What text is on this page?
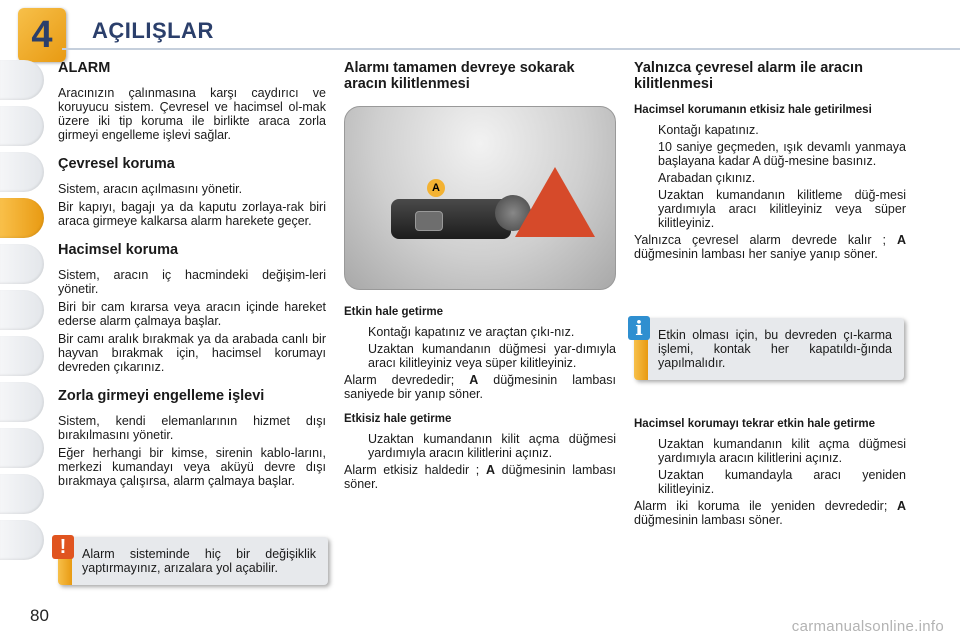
4	AÇILIŞLAR
ALARM
Aracınızın çalınmasına karşı caydırıcı ve koruyucu sistem. Çevresel ve hacimsel ol-mak üzere iki tip koruma ile birlikte araca zorla girmeyi engelleme işlevi sağlar.
Çevresel koruma
Sistem, aracın açılmasını yönetir.
Bir kapıyı, bagajı ya da kaputu zorlaya-rak biri araca girmeye kalkarsa alarm harekete geçer.
Hacimsel koruma
Sistem, aracın iç hacmindeki değişim-leri yönetir.
Biri bir cam kırarsa veya aracın içinde hareket ederse alarm çalmaya başlar.
Bir camı aralık bırakmak ya da arabada canlı bir hayvan bırakmak için, hacimsel korumayı devreden çıkarınız.
Zorla girmeyi engelleme işlevi
Sistem, kendi elemanlarının hizmet dışı bırakılmasını yönetir.
Eğer herhangi bir kimse, sirenin kablo-larını, merkezi kumandayı veya aküyü devre dışı bırakmaya çalışırsa, alarm çalmaya başlar.
!	Alarm sisteminde hiç bir değişiklik yaptırmayınız, arızalara yol açabilir.
Alarmı tamamen devreye sokarak aracın kilitlenmesi
A
Etkin hale getirme
Kontağı kapatınız ve araçtan çıkı-nız.
Uzaktan kumandanın düğmesi yar-dımıyla aracı kilitleyiniz veya süper kilitleyiniz.
Alarm devrededir; A düğmesinin lambası saniyede bir yanıp söner.
Etkisiz hale getirme
Uzaktan kumandanın kilit açma düğmesi yardımıyla aracın kilitlerini açınız.
Alarm etkisiz haldedir ; A düğmesinin lambası söner.
Yalnızca çevresel alarm ile aracın kilitlenmesi
Hacimsel korumanın etkisiz hale getirilmesi
Kontağı kapatınız.
10 saniye geçmeden, ışık devamlı yanmaya başlayana kadar A düğ-mesine basınız.
Arabadan çıkınız.
Uzaktan kumandanın kilitleme düğ-mesi yardımıyla aracı kilitleyiniz veya süper kilitleyiniz.
Yalnızca çevresel alarm devrede kalır ; A düğmesinin lambası her saniye yanıp söner.
i	Etkin olması için, bu devreden çı-karma işlemi, kontak her kapatıldı-ğında yapılmalıdır.
Hacimsel korumayı tekrar etkin hale getirme
Uzaktan kumandanın kilit açma düğmesi yardımıyla aracın kilitlerini açınız.
Uzaktan kumandayla aracı yeniden kilitleyiniz.
Alarm iki koruma ile yeniden devrededir; A düğmesinin lambası söner.
80
carmanualsonline.info
